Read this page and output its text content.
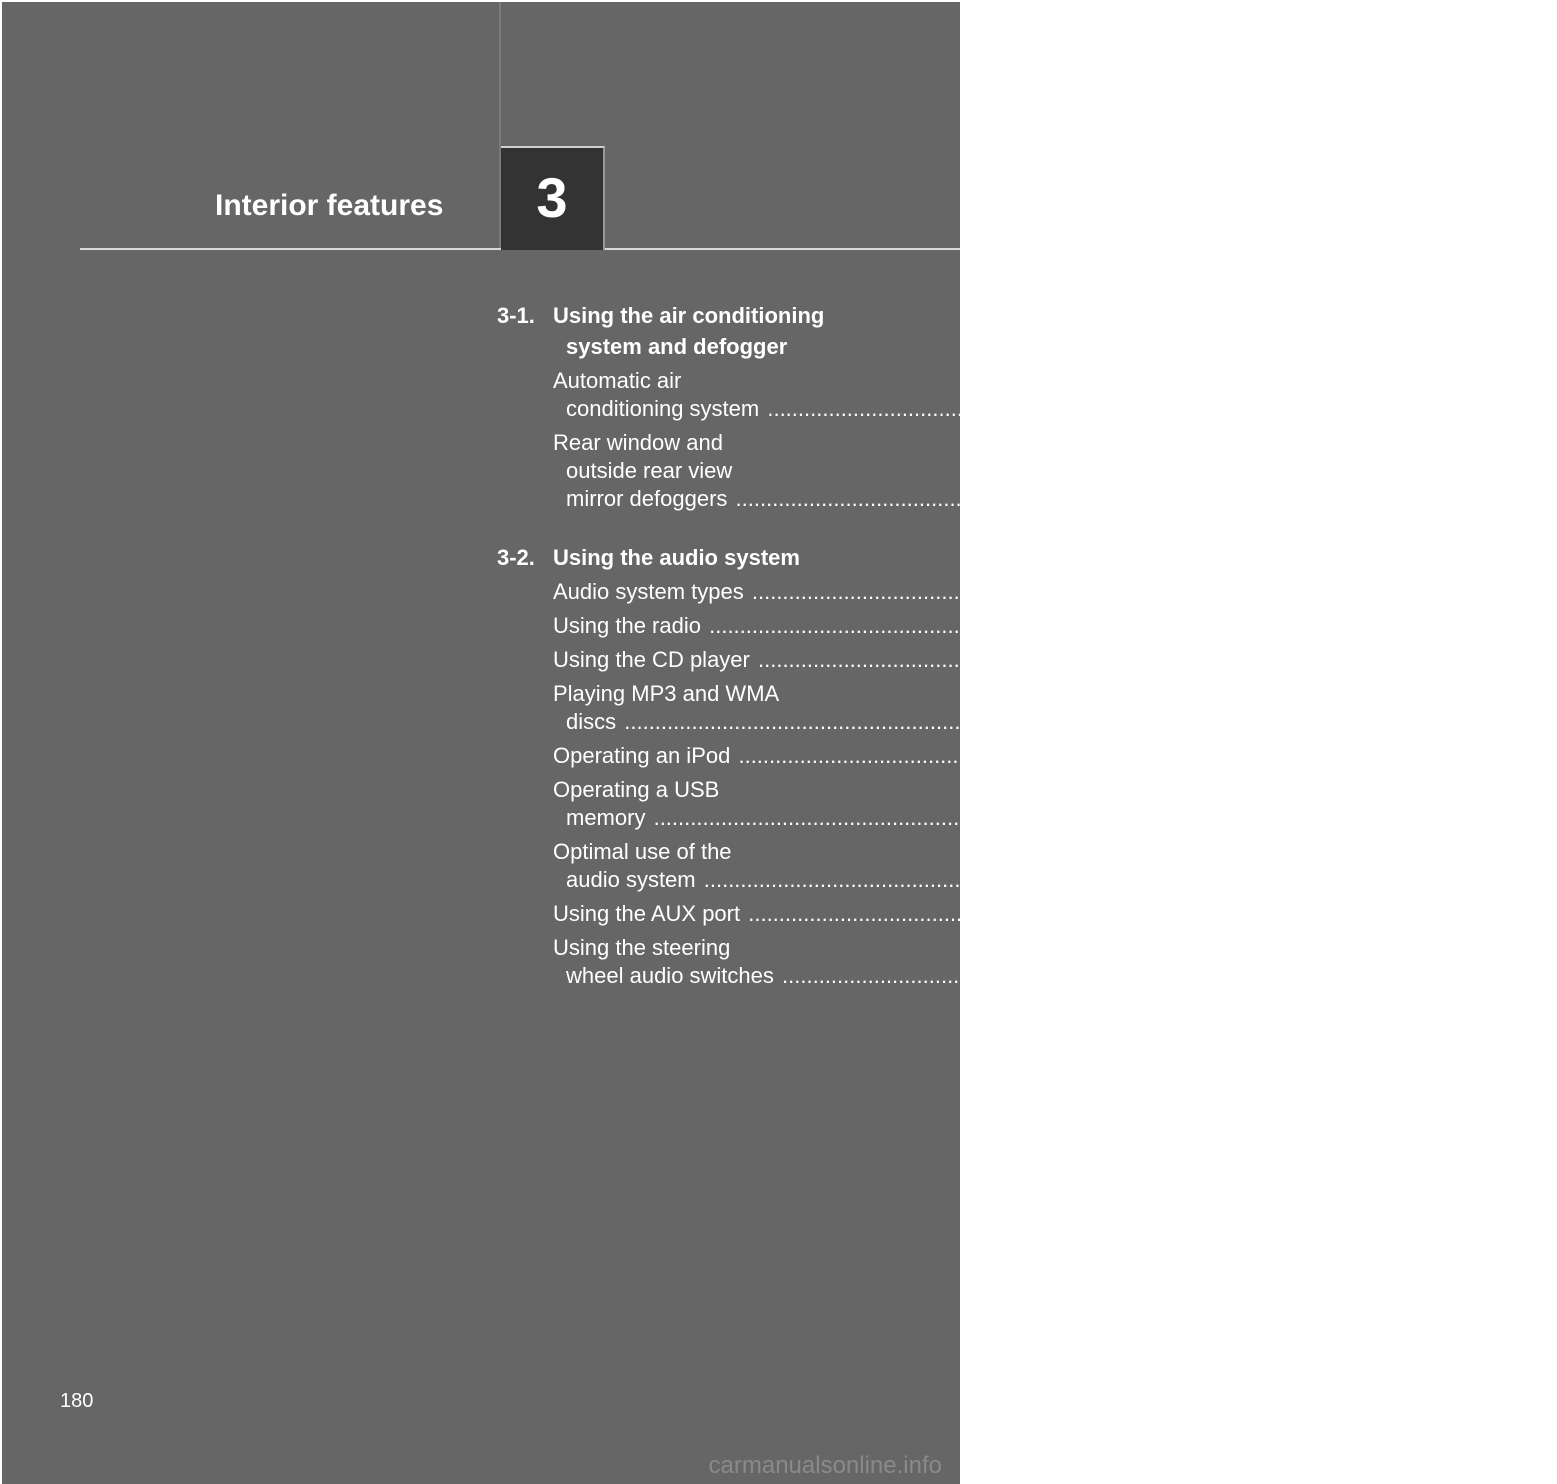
Interior features	3
3-1. Using the air conditioning
system and defogger
Automatic air
conditioning system .....	182
Rear window and
outside rear view
mirror defoggers .....	191
3-2. Using the audio system
Audio system types .....	192
Using the radio .....	195
Using the CD player .....	202
Playing MP3 and WMA
discs .....	210
Operating an iPod .....	218
Operating a USB
memory .....	225
Optimal use of the
audio system .....	232
Using the AUX port .....	237
Using the steering
wheel audio switches .....	239
180
carmanualsonline.info
